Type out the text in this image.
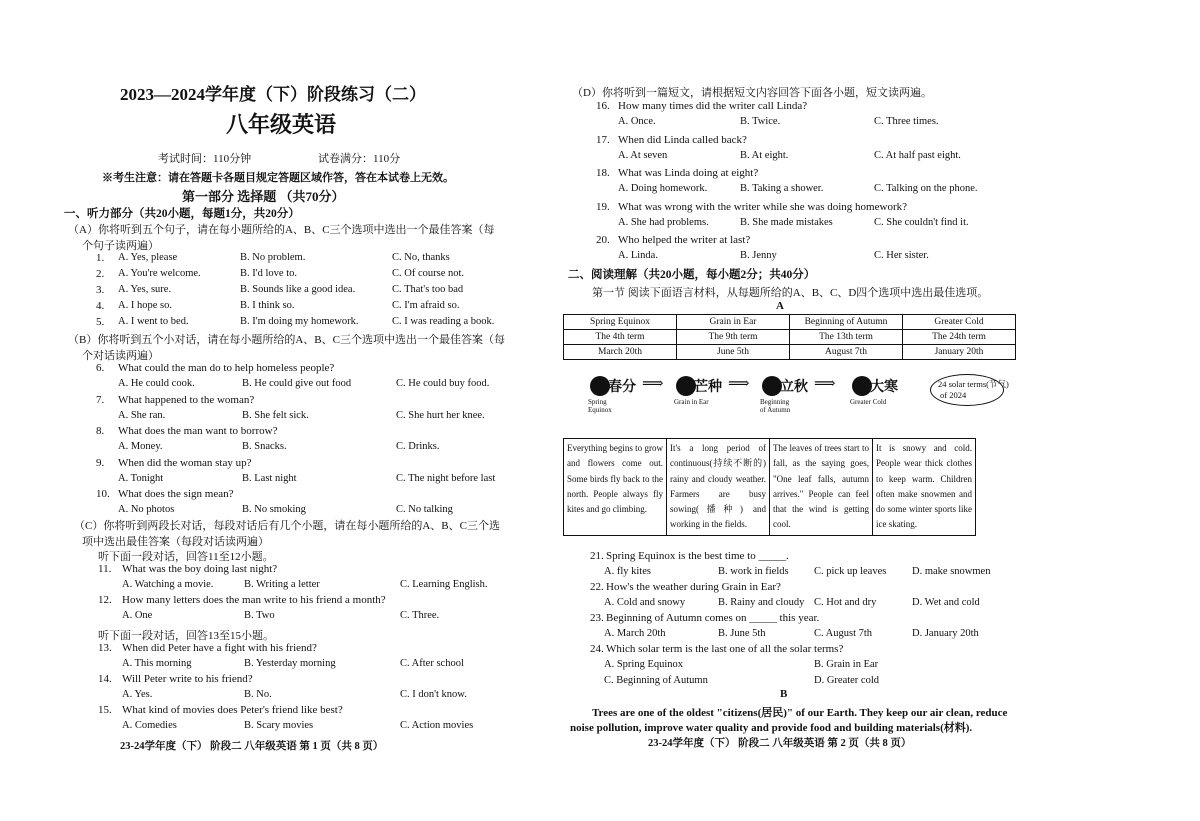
2023—2024学年度（下）阶段练习（二）
八年级英语
考试时间：110分钟	试卷满分：110分
※考生注意：请在答题卡各题目规定答题区域作答，答在本试卷上无效。
第一部分 选择题 （共70分）
一、听力部分（共20小题，每题1分，共20分）
（A）你将听到五个句子，请在每小题所给的A、B、C三个选项中选出一个最佳答案（每
个句子读两遍）
1. A. Yes, please	B. No problem.	C. No, thanks
2. A. You're welcome.	B. I'd love to.	C. Of course not.
3. A. Yes, sure.	B. Sounds like a good idea.	C. That's too bad
4. A. I hope so.	B. I think so.	C. I'm afraid so.
5. A. I went to bed.	B. I'm doing my homework.	C. I was reading a book.
（B）你将听到五个小对话，请在每小题所给的A、B、C三个选项中选出一个最佳答案（每
个对话读两遍）
6. What could the man do to help homeless people?
A. He could cook.	B. He could give out food	C. He could buy food.
7. What happened to the woman?
A. She ran.	B. She felt sick.	C. She hurt her knee.
8. What does the man want to borrow?
A. Money.	B. Snacks.	C. Drinks.
9. When did the woman stay up?
A. Tonight	B. Last night	C. The night before last
10. What does the sign mean?
A. No photos	B. No smoking	C. No talking
（C）你将听到两段长对话，每段对话后有几个小题，请在每小题所给的A、B、C三个选
项中选出最佳答案（每段对话读两遍）
听下面一段对话，回答11至12小题。
11. What was the boy doing last night?
A. Watching a movie.	B. Writing a letter	C. Learning English.
12. How many letters does the man write to his friend a month?
A. One	B. Two	C. Three.
听下面一段对话，回答13至15小题。
13. When did Peter have a fight with his friend?
A. This morning	B. Yesterday morning	C. After school
14. Will Peter write to his friend?
A. Yes.	B. No.	C. I don't know.
15. What kind of movies does Peter's friend like best?
A. Comedies	B. Scary movies	C. Action movies
23-24学年度（下） 阶段二 八年级英语 第 1 页（共 8 页）
（D）你将听到一篇短文，请根据短文内容回答下面各小题，短文读两遍。
16. How many times did the writer call Linda?
A. Once.	B. Twice.	C. Three times.
17. When did Linda called back?
A. At seven	B. At eight.	C. At half past eight.
18. What was Linda doing at eight?
A. Doing homework.	B. Taking a shower.	C. Talking on the phone.
19. What was wrong with the writer while she was doing homework?
A. She had problems.	B. She made mistakes	C. She couldn't find it.
20. Who helped the writer at last?
A. Linda.	B. Jenny	C. Her sister.
二、阅读理解（共20小题，每小题2分；共40分）
第一节 阅读下面语言材料，从每题所给的A、B、C、D四个选项中选出最佳选项。
A
Spring Equinox	Grain in Ear	Beginning of Autumn	Greater Cold
The 4th term	The 9th term	The 13th term	The 24th term
March 20th	June 5th	August 7th	January 20th
春分
Spring
Equinox
⟹ 芒种
Grain in Ear
⟹ 立秋
Beginning
of Autumn
⟹ 大寒
Greater Cold
24 solar terms(节气)
of 2024
Everything begins to grow and flowers come out. Some birds fly back to the north. People always fly kites and go climbing.	It's a long period of continuous(持续不断的) rainy and cloudy weather. Farmers are busy sowing(播种) and working in the fields.	The leaves of trees start to fall, as the saying goes, "One leaf falls, autumn arrives." People can feel that the wind is getting cool.	It is snowy and cold. People wear thick clothes to keep warm. Children often make snowmen and do some winter sports like ice skating.
21. Spring Equinox is the best time to _____.
A. fly kites	B. work in fields C. pick up leaves D. make snowmen
22. How's the weather during Grain in Ear?
A. Cold and snowy	B. Rainy and cloudy C. Hot and dry	D. Wet and cold
23. Beginning of Autumn comes on _____ this year.
A. March 20th	B. June 5th	C. August 7th	D. January 20th
24. Which solar term is the last one of all the solar terms?
A. Spring Equinox	B. Grain in Ear
C. Beginning of Autumn	D. Greater cold
B
Trees are one of the oldest "citizens(居民)" of our Earth. They keep our air clean, reduce
noise pollution, improve water quality and provide food and building materials(材料).
23-24学年度（下） 阶段二 八年级英语 第 2 页（共 8 页）
